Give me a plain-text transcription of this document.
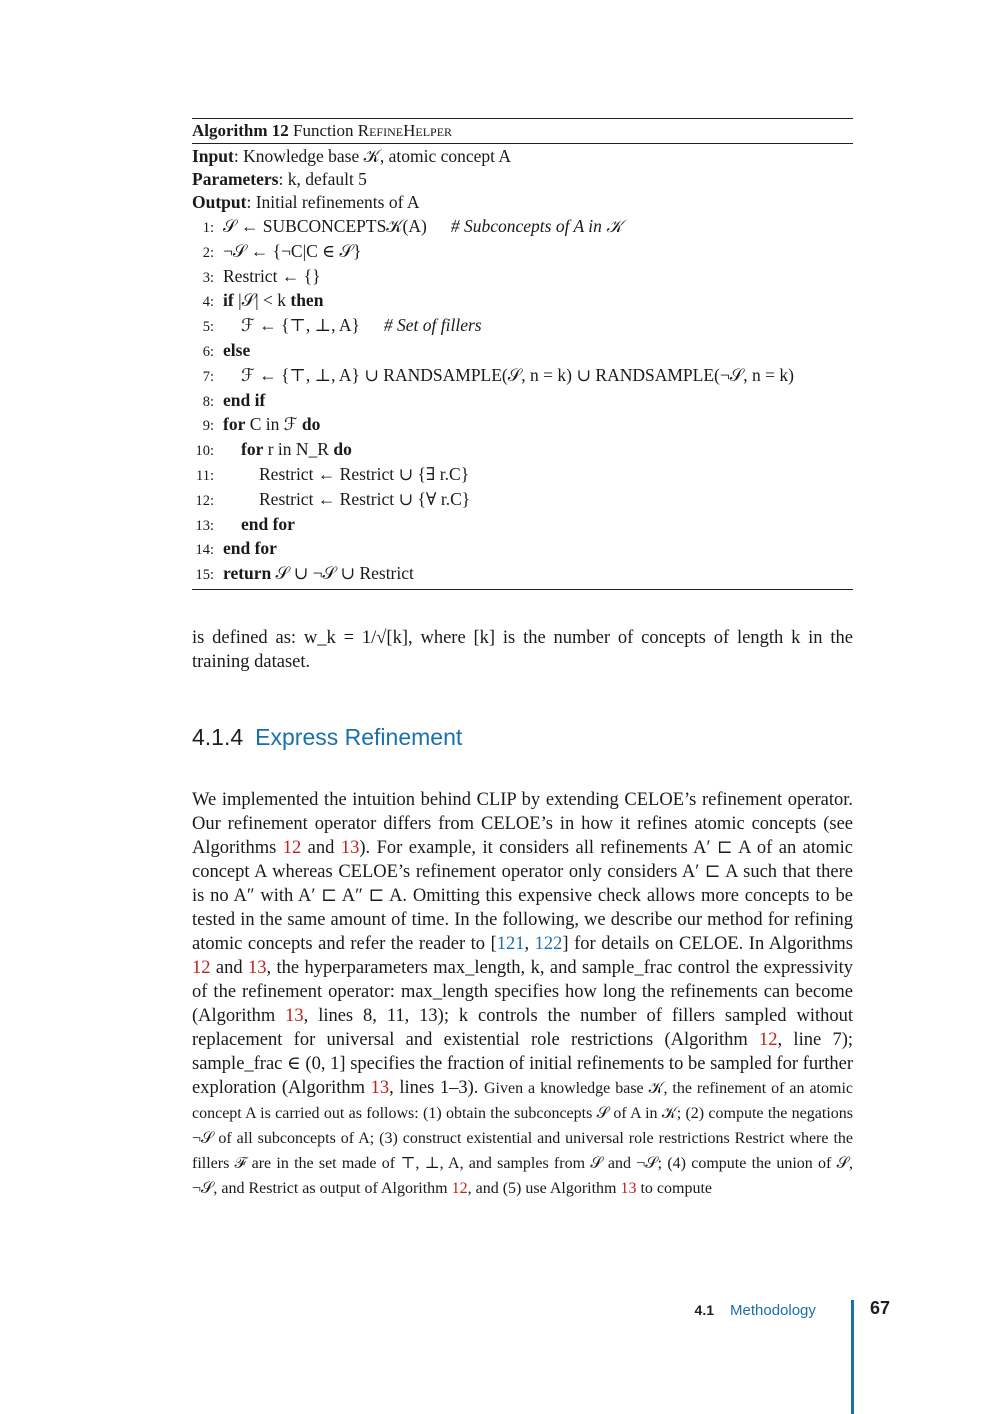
Algorithm 12 Function RefineHelper
Input: Knowledge base 𝒦, atomic concept A
Parameters: k, default 5
Output: Initial refinements of A
1: 𝒮 ← SUBCONCEPTS𝒦(A) # Subconcepts of A in 𝒦
2: ¬𝒮 ← {¬C|C ∈ 𝒮}
3: Restrict ← {}
4: if |𝒮| < k then
5: ℱ ← {⊤, ⊥, A} # Set of fillers
6: else
7: ℱ ← {⊤, ⊥, A} ∪ RANDSAMPLE(𝒮, n = k) ∪ RANDSAMPLE(¬𝒮, n = k)
8: end if
9: for C in ℱ do
10: for r in N_R do
11:	Restrict ← Restrict ∪ {∃ r.C}
12:	Restrict ← Restrict ∪ {∀ r.C}
13: end for
14: end for
15: return 𝒮 ∪ ¬𝒮 ∪ Restrict
is defined as: w_k = 1/√[k], where [k] is the number of concepts of length k in the training dataset.
4.1.4 Express Refinement
We implemented the intuition behind CLIP by extending CELOE’s refinement operator. Our refinement operator differs from CELOE’s in how it refines atomic concepts (see Algorithms 12 and 13). For example, it considers all refinements A′ ⊏ A of an atomic concept A whereas CELOE’s refinement operator only considers A′ ⊏ A such that there is no A″ with A′ ⊏ A″ ⊏ A. Omitting this expensive check allows more concepts to be tested in the same amount of time. In the following, we describe our method for refining atomic concepts and refer the reader to [121, 122] for details on CELOE. In Algorithms 12 and 13, the hyperparameters max_length, k, and sample_frac control the expressivity of the refinement operator: max_length specifies how long the refinements can become (Algorithm 13, lines 8, 11, 13); k controls the number of fillers sampled without replacement for universal and existential role restrictions (Algorithm 12, line 7); sample_frac ∈ (0, 1] specifies the fraction of initial refinements to be sampled for further exploration (Algorithm 13, lines 1–3). Given a knowledge base 𝒦, the refinement of an atomic concept A is carried out as follows: (1) obtain the subconcepts 𝒮 of A in 𝒦; (2) compute the negations ¬𝒮 of all subconcepts of A; (3) construct existential and universal role restrictions Restrict where the fillers ℱ are in the set made of ⊤, ⊥, A, and samples from 𝒮 and ¬𝒮; (4) compute the union of 𝒮, ¬𝒮, and Restrict as output of Algorithm 12, and (5) use Algorithm 13 to compute
4.1 Methodology	67
